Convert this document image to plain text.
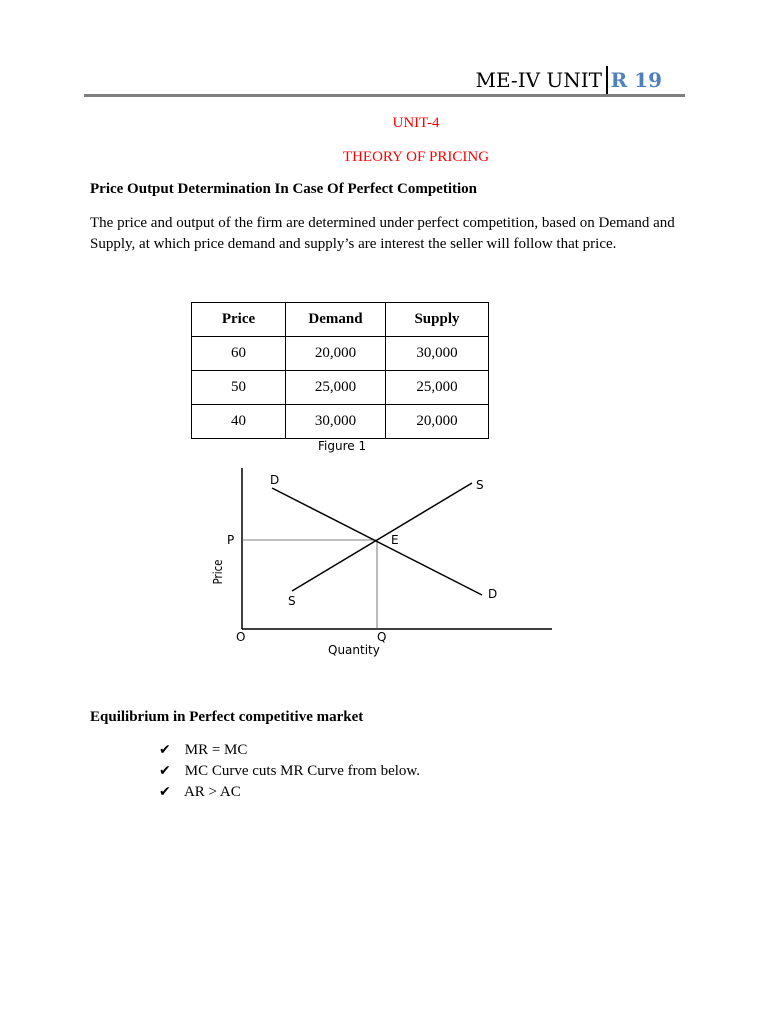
ME-IV UNIT R 19
UNIT-4
THEORY OF PRICING
Price Output Determination In Case Of Perfect Competition
The price and output of the firm are determined under perfect competition, based on Demand and Supply, at which price demand and supply’s are interest the seller will follow that price.
Price	Demand	Supply
60	20,000	30,000
50	25,000	25,000
40	30,000	20,000
Figure 1
D	S
P	E
S	D
O	Q
Quantity
Price
Equilibrium in Perfect competitive market
✔ MR = MC
✔ MC Curve cuts MR Curve from below.
✔ AR > AC
